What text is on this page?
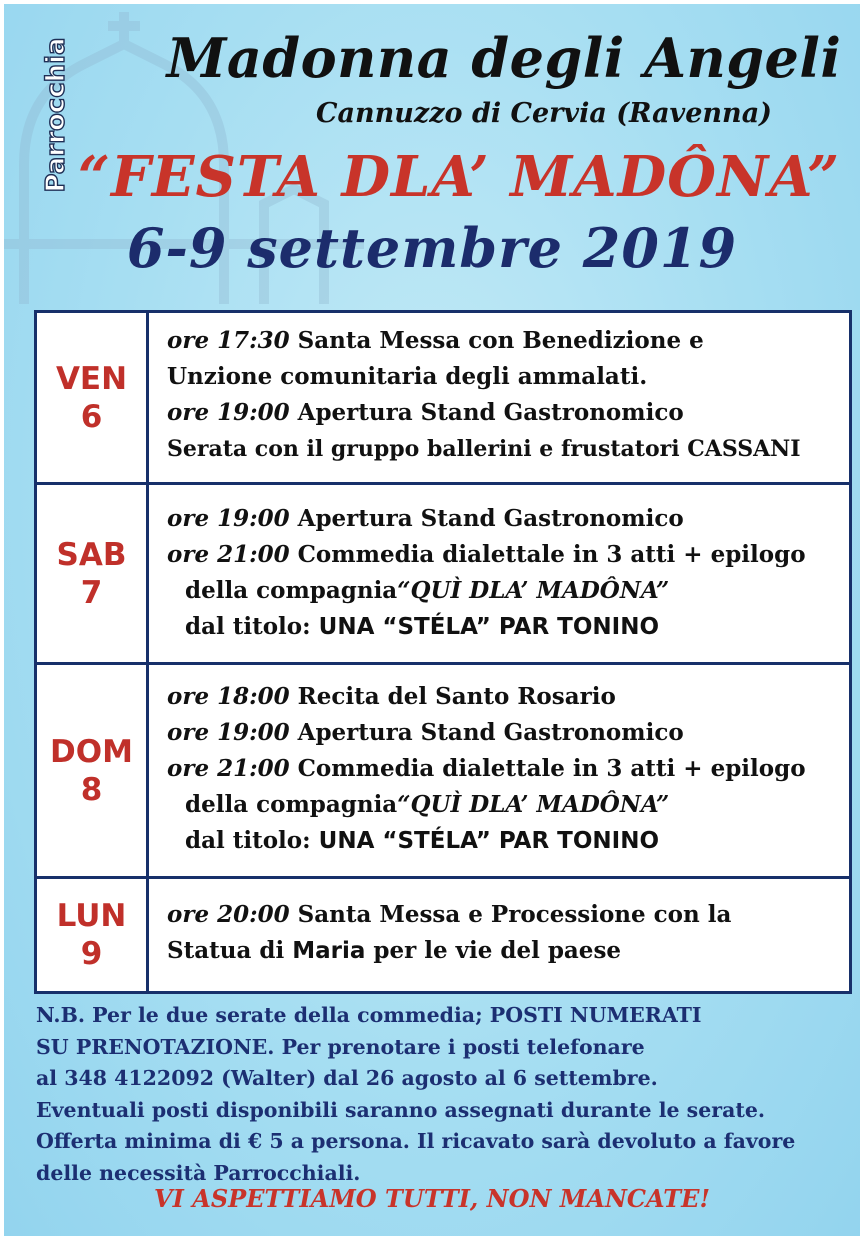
Parrocchia Madonna degli Angeli
Cannuzzo di Cervia (Ravenna)
“FESTA DLA’ MADÔNA”
6-9 settembre 2019
VEN
6
ore 17:30 Santa Messa con Benedizione e
Unzione comunitaria degli ammalati.
ore 19:00 Apertura Stand Gastronomico
Serata con il gruppo ballerini e frustatori CASSANI
SAB
7
ore 19:00 Apertura Stand Gastronomico
ore 21:00 Commedia dialettale in 3 atti + epilogo
della compagnia“QUÌ DLA’ MADÔNA”
dal titolo: UNA “STÉLA” PAR TONINO
DOM
8
ore 18:00 Recita del Santo Rosario
ore 19:00 Apertura Stand Gastronomico
ore 21:00 Commedia dialettale in 3 atti + epilogo
della compagnia“QUÌ DLA’ MADÔNA”
dal titolo: UNA “STÉLA” PAR TONINO
LUN
9
ore 20:00 Santa Messa e Processione con la
Statua di Maria per le vie del paese
N.B. Per le due serate della commedia; POSTI NUMERATI
SU PRENOTAZIONE. Per prenotare i posti telefonare
al 348 4122092 (Walter) dal 26 agosto al 6 settembre.
Eventuali posti disponibili saranno assegnati durante le serate.
Offerta minima di € 5 a persona. Il ricavato sarà devoluto a favore
delle necessità Parrocchiali.
VI ASPETTIAMO TUTTI, NON MANCATE!
